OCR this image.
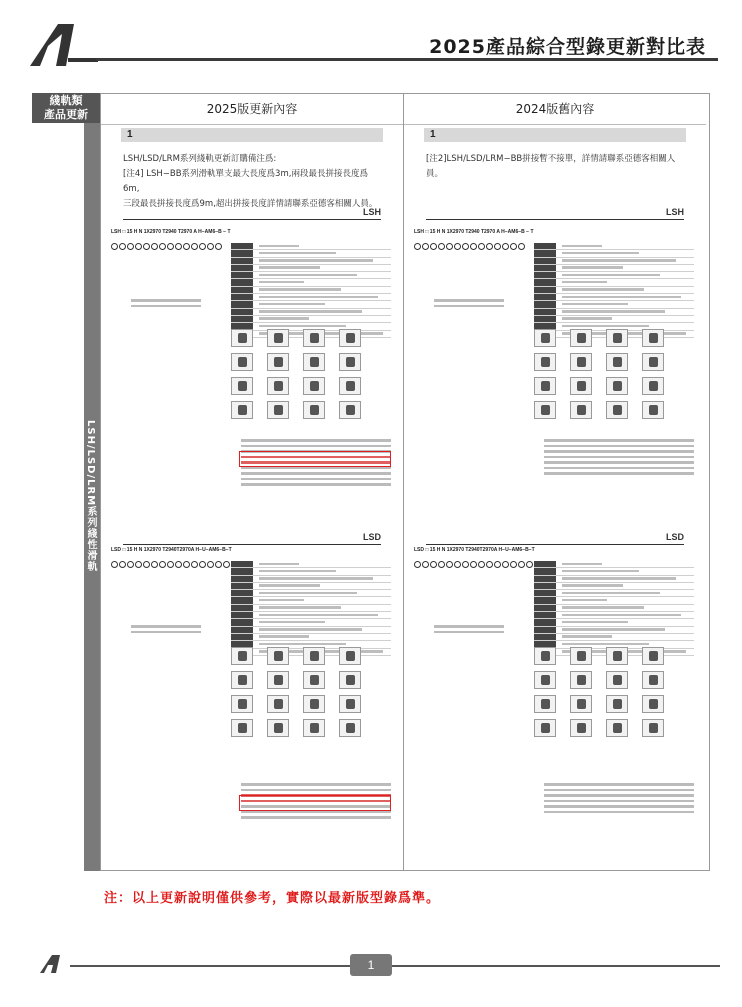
2025產品綜合型錄更新對比表
綫軌類
產品更新
LSH/LSD/LRM系列綫性滑軌
2025版更新內容
1
LSH/LSD/LRM系列綫軌更新訂購備注爲:
[注4] LSH−BB系列滑軌單支最大長度爲3m,兩段最長拼接長度爲6m,
三段最長拼接長度爲9m,超出拼接長度詳情請聯系亞德客相關人員。
LSH
LSH □ 15 H N 1X2970 T2940 T2970 A H−AM6−B − T
LSD
LSD □ 15 H N 1X2970 T2940T2970A H−U−AM6−B−T
2024版舊內容
1
[注2]LSH/LSD/LRM−BB拼接暫不接單，詳情請聯系亞德客相關人員。
LSH
LSH □ 15 H N 1X2970 T2940 T2970 A H−AM6−B − T
LSD
LSD □ 15 H N 1X2970 T2940T2970A H−U−AM6−B−T
注：以上更新說明僅供參考，實際以最新版型錄爲準。
1
